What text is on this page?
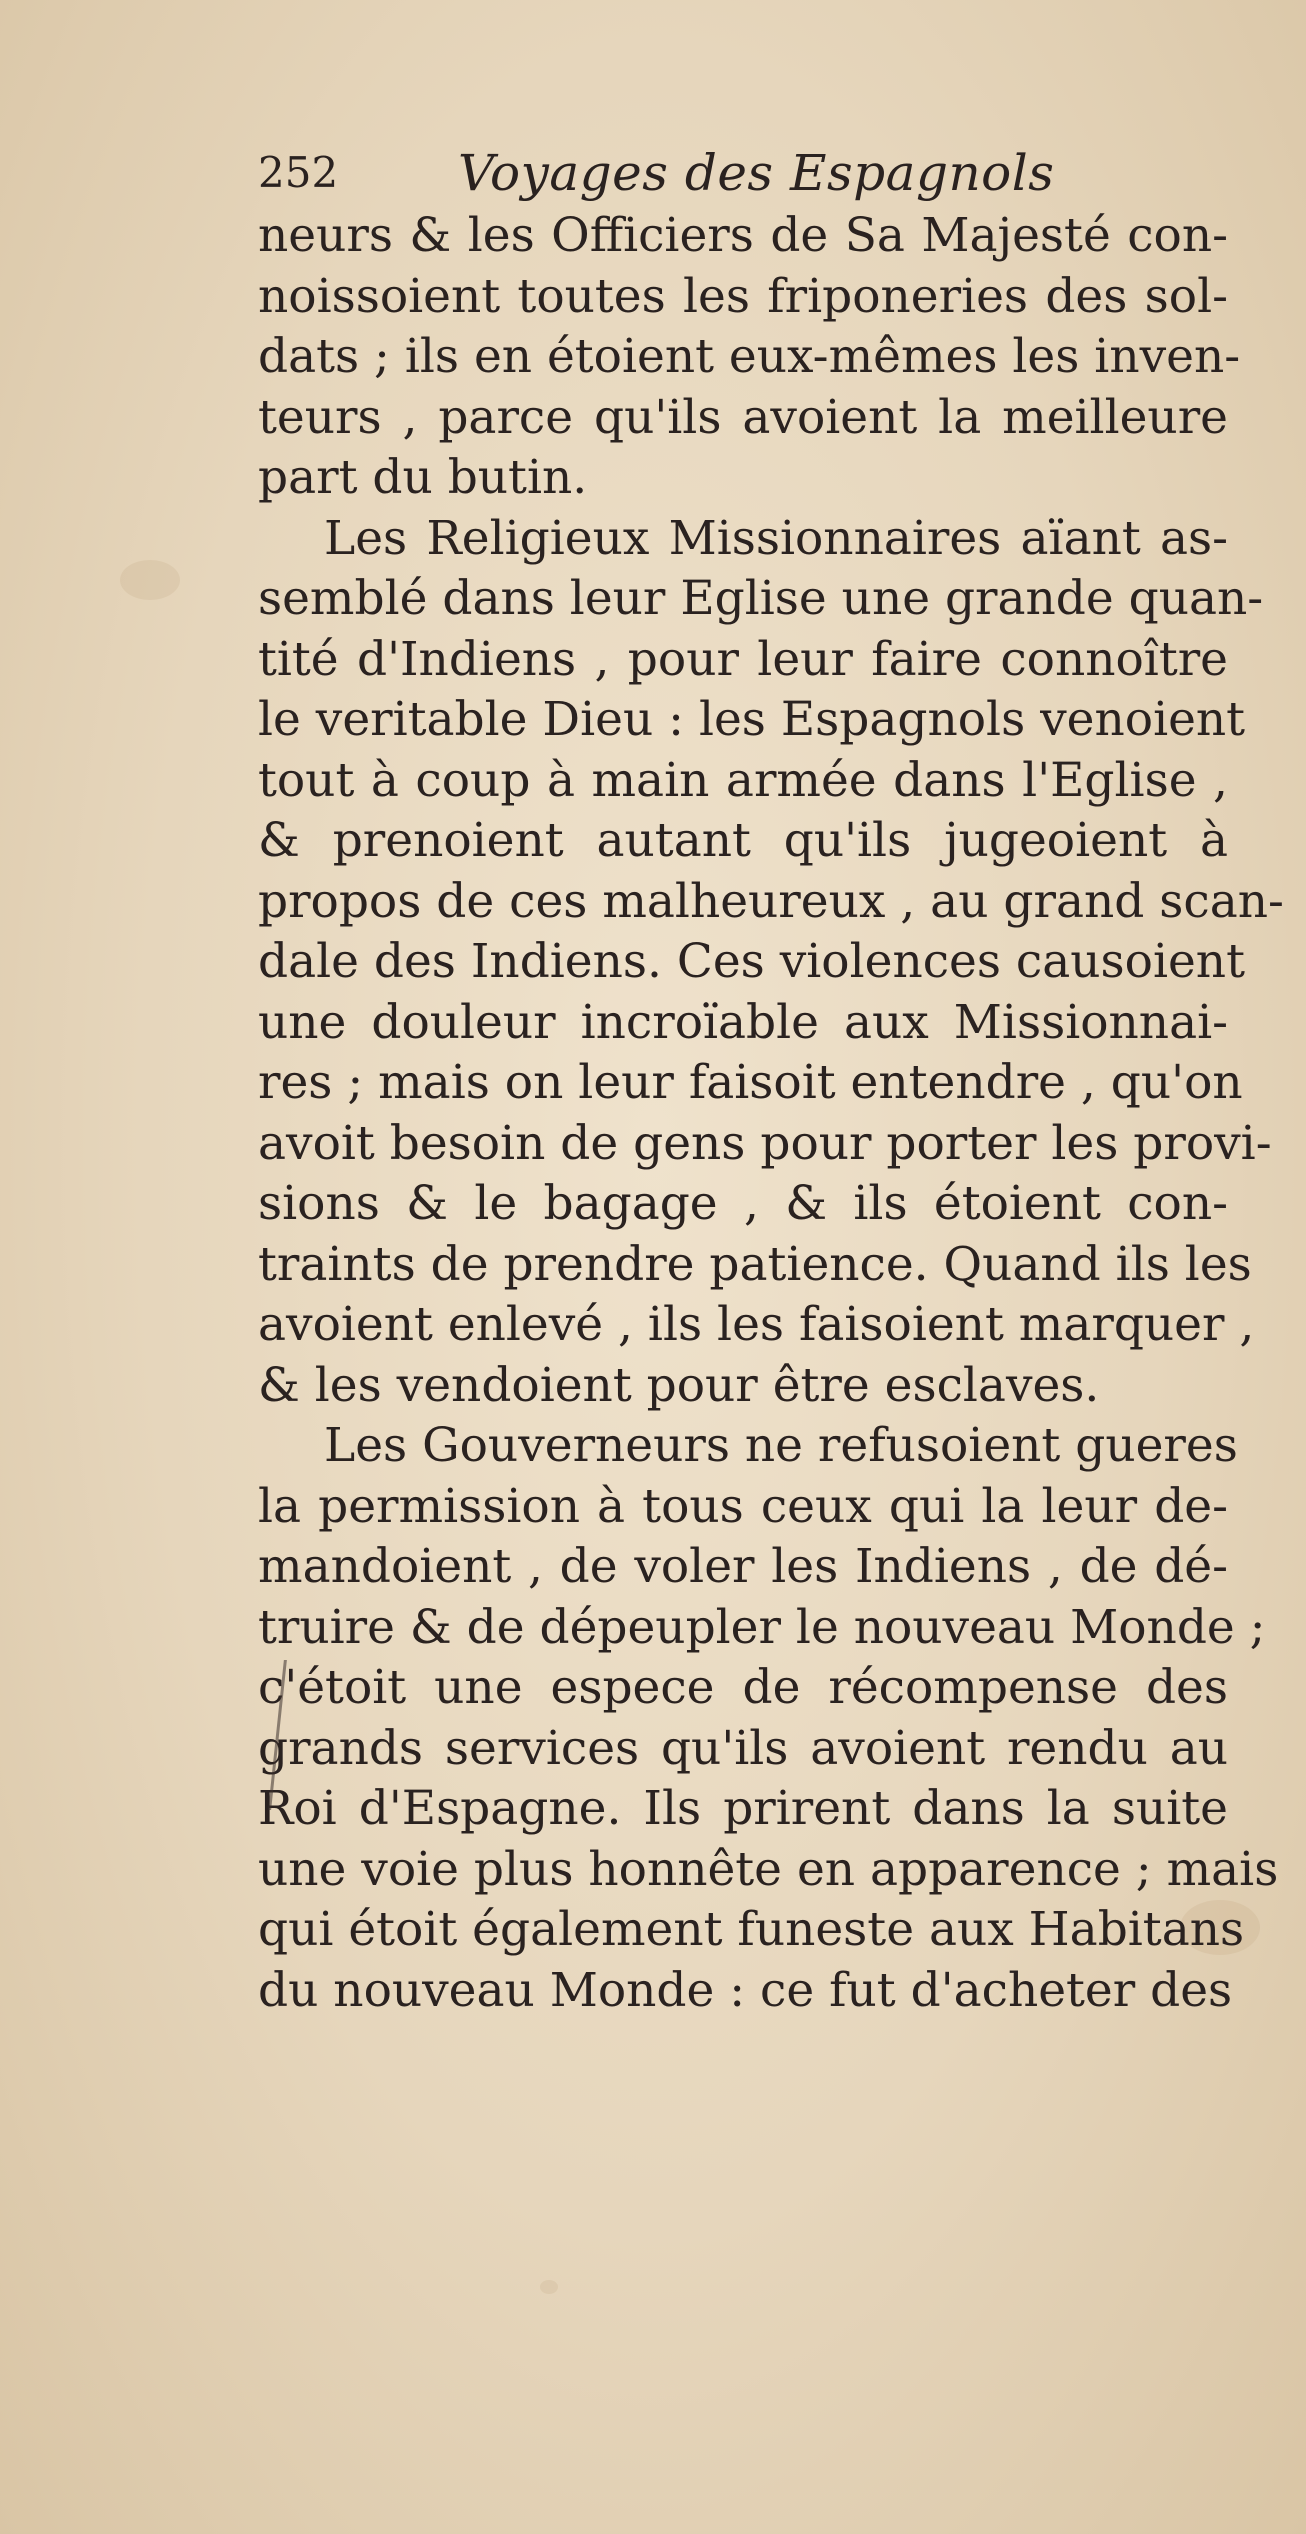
252 Voyages des Espagnols
neurs & les Officiers de Sa Majesté con-
noissoient toutes les friponeries des sol-
dats ; ils en étoient eux-mêmes les inven-
teurs , parce qu'ils avoient la meilleure
part du butin.
Les Religieux Missionnaires aïant as-
semblé dans leur Eglise une grande quan-
tité d'Indiens , pour leur faire connoître
le veritable Dieu : les Espagnols venoient
tout à coup à main armée dans l'Eglise ,
& prenoient autant qu'ils jugeoient à
propos de ces malheureux , au grand scan-
dale des Indiens. Ces violences causoient
une douleur incroïable aux Missionnai-
res ; mais on leur faisoit entendre , qu'on
avoit besoin de gens pour porter les provi-
sions & le bagage , & ils étoient con-
traints de prendre patience. Quand ils les
avoient enlevé , ils les faisoient marquer ,
& les vendoient pour être esclaves.
Les Gouverneurs ne refusoient gueres
la permission à tous ceux qui la leur de-
mandoient , de voler les Indiens , de dé-
truire & de dépeupler le nouveau Monde ;
c'étoit une espece de récompense des
grands services qu'ils avoient rendu au
Roi d'Espagne. Ils prirent dans la suite
une voie plus honnête en apparence ; mais
qui étoit également funeste aux Habitans
du nouveau Monde : ce fut d'acheter des
